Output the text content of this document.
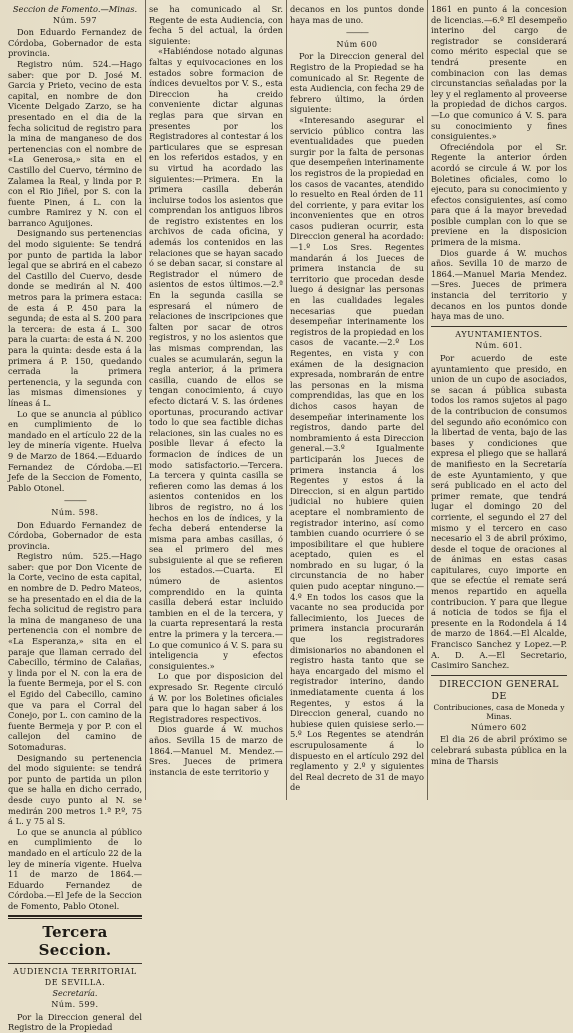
Seccion de Fomento.—Minas.

Núm. 597

Don Eduardo Fernandez de Córdoba, Gobernador de esta provincia.

Registro núm. 524.—Hago saber: que por D. José M. Garcia y Prieto, vecino de esta capital, en nombre de don Vicente Delgado Zarzo, se ha presentado en el dia de la fecha solicitud de registro para la mina de manganeso de dos pertenencias con el nombre de «La Generosa,» sita en el Castillo del Cuervo, término de Zalamea la Real, y linda por P. con el Rio Jiñel, por S. con la fuente Pinen, á L. con la cumbre Ramirez y N. con el barranco Aguijones.

Designando sus pertenencias del modo siguiente: Se tendrá por punto de partida la labor legal que se abrirá en el cabezo del Castillo del Cuervo, desde donde se medirán al N. 400 metros para la primera estaca: de esta á P. 450 para la segunda; de esta al S. 200 para la tercera: de esta á L. 300 para la cuarta: de esta á N. 200 para la quinta: desde esta á la primera á P. 150, quedando cerrada la primera pertenencia, y la segunda con las mismas dimensiones y líneas á L.

Lo que se anuncia al público en cumplimiento de lo mandado en el artículo 22 de la ley de minería vigente. Huelva 9 de Marzo de 1864.—Eduardo Fernandez de Córdoba.—El Jefe de la Seccion de Fomento, Pablo Otonel.

———

Núm. 598.

Don Eduardo Fernandez de Córdoba, Gobernador de esta provincia.

Registro núm. 525.—Hago saber: que por Don Vicente de la Corte, vecino de esta capital, en nombre de D. Pedro Mateos, se ha presentado en el dia de la fecha solicitud de registro para la mina de manganeso de una pertenencia con el nombre de «La Esperanza,» sita en el paraje que llaman cerrado del Cabecillo, término de Calañas, y linda por el N. con la era de la fuente Bermeja, por el S. con el Egido del Cabecillo, camino que va para el Corral del Conejo, por L. con camino de la fuente Bermeja y por P. con el callejon del camino de Sotomaduras.

Designando su pertenencia del modo siguiente: se tendrá por punto de partida un pilon que se halla en dicho cerrado, desde cuyo punto al N. se medirán 200 metros 1.ª P.º, 75 á L. y 75 al S.

Lo que se anuncia al público en cumplimiento de lo mandado en el artículo 22 de la ley de minería vigente. Huelva 11 de marzo de 1864.—Eduardo Fernandez de Córdoba.—El Jefe de la Seccion de Fomento, Pablo Otonel.

Tercera Seccion.

AUDIENCIA TERRITORIAL DE SEVILLA.

Secretaría.

Núm. 599.

Por la Direccion general del Registro de la Propiedad

se ha comunicado al Sr. Regente de esta Audiencia, con fecha 5 del actual, la órden siguiente:

«Habiéndose notado algunas faltas y equivocaciones en los estados sobre formacion de índices devueltos por V. S., esta Direccion ha creido conveniente dictar algunas reglas para que sirvan en presentes por los Registradores al contestar á los particulares que se espresan en los referidos estados, y en su virtud ha acordado las siguientes:—Primera. En la primera casilla deberán incluirse todos los asientos que comprendan los antiguos libros de registro existentes en los archivos de cada oficina, y además los contenidos en las relaciones que se hayan sacado ó se deban sacar, si constare al Registrador el número de asientos de estos últimos.—2.ª En la segunda casilla se espresará el número de relaciones de inscripciones que falten por sacar de otros registros, y no los asientos que las mismas comprendan, las cuales se acumularán, segun la regla anterior, á la primera casilla, cuando de ellos se tengan conocimiento, á cuyo efecto dictará V. S. las órdenes oportunas, procurando activar todo lo que sea factible dichas relaciones, sin las cuales no es posible llevar á efecto la formacion de índices de un modo satisfactorio.—Tercera. La tercera y quinta casilla se refieren como las demas á los asientos contenidos en los libros de registro, no á los hechos en los de índices, y la fecha deberá entenderse la misma para ambas casillas, ó sea el primero del mes subsiguiente al que se refieren los estados.—Cuarta. El número de asientos comprendido en la quinta casilla deberá estar incluido tambien en el de la tercera, y la cuarta representará la resta entre la primera y la tercera.—Lo que comunico á V. S. para su inteligencia y efectos consiguientes.»

Lo que por disposicion del expresado Sr. Regente circuló á W. por los Boletines oficiales para que lo hagan saber á los Registradores respectivos.

Dios guarde á W. muchos años. Sevilla 15 de marzo de 1864.—Manuel M. Mendez.—Sres. Jueces de primera instancia de este territorio y

decanos en los puntos donde haya mas de uno.

———

Núm 600

Por la Direccion general del Registro de la Propiedad se ha comunicado al Sr. Regente de esta Audiencia, con fecha 29 de febrero último, la órden siguiente:

«Interesando asegurar el servicio público contra las eventualidades que pueden surgir por la falta de personas que desempeñen interinamente los registros de la propiedad en los casos de vacantes, atendido lo resuelto en Real órden de 11 del corriente, y para evitar los inconvenientes que en otros casos pudieran ocurrir, esta Direccion general ha acordado: —1.º Los Sres. Regentes mandarán á los Jueces de primera instancia de su territorio que procedan desde luego á designar las personas en las cualidades legales necesarias que puedan desempeñar interinamente los registros de la propiedad en los casos de vacante.—2.º Los Regentes, en vista y con exámen de la designacion expresada, nombrarán de entre las personas en la misma comprendidas, las que en los dichos casos hayan de desempeñar interinamente los registros, dando parte del nombramiento á esta Direccion general.—3.º Igualmente participarán los Jueces de primera instancia á los Regentes y estos á la Direccion, si en algun partido judicial no hubiere quien aceptare el nombramiento de registrador interino, así como tambien cuando ocurriere ó se imposibilitare el que hubiere aceptado, quien es el nombrado en su lugar, ó la circunstancia de no haber quien pudo aceptar ninguno.—4.º En todos los casos que la vacante no sea producida por fallecimiento, los Jueces de primera instancia procurarán que los registradores dimisionarios no abandonen el registro hasta tanto que se haya encargado del mismo el registrador interino, dando inmediatamente cuenta á los Regentes, y estos á la Direccion general, cuando no hubiese quien quisiese serlo.—5.º Los Regentes se atendrán escrupulosamente á lo dispuesto en el artículo 292 del reglamento y 2.º y siguientes del Real decreto de 31 de mayo de

1861 en punto á la concesion de licencias.—6.º El desempeño interino del cargo de registrador se considerará como mérito especial que se tendrá presente en combinacion con las demas circunstancias señaladas por la ley y el reglamento al proveerse la propiedad de dichos cargos.—Lo que comunico á V. S. para su conocimiento y fines consiguientes.»

Ofreciéndola por el Sr. Regente la anterior órden acordó se circule á W. por los Boletines oficiales, como lo ejecuto, para su conocimiento y efectos consiguientes, así como para que á la mayor brevedad posible cumplan con lo que se previene en la disposicion primera de la misma.

Dios guarde á W. muchos años. Sevilla 10 de marzo de 1864.—Manuel Maria Mendez.—Sres. Jueces de primera instancia del territorio y decanos en los puntos donde haya mas de uno.

AYUNTAMIENTOS.

Núm. 601.

Por acuerdo de este ayuntamiento que presido, en union de un cupo de asociados, se sacan á pública subasta todos los ramos sujetos al pago de la contribucion de consumos del segundo año económico con la libertad de venta, bajo de las bases y condiciones que expresa el pliego que se hallará de manifiesto en la Secretaría de este Ayuntamiento, y que será publicado en el acto del primer remate, que tendrá lugar el domingo 20 del corriente, el segundo el 27 del mismo y el tercero en caso necesario el 3 de abril próximo, desde el toque de oraciones al de ánimas en estas casas capitulares, cuyo importe en que se efectúe el remate será menos repartido en aquella contribucion. Y para que llegue á noticia de todos se fija el presente en la Rodondela á 14 de marzo de 1864.—El Alcalde, Francisco Sanchez y Lopez.—P. A. D. A.—El Secretario, Casimiro Sanchez.

DIRECCION GENERAL DE

Contribuciones, casa de Moneda y Minas.

Número 602

El dia 26 de abril próximo se celebrará subasta pública en la mina de Tharsis
